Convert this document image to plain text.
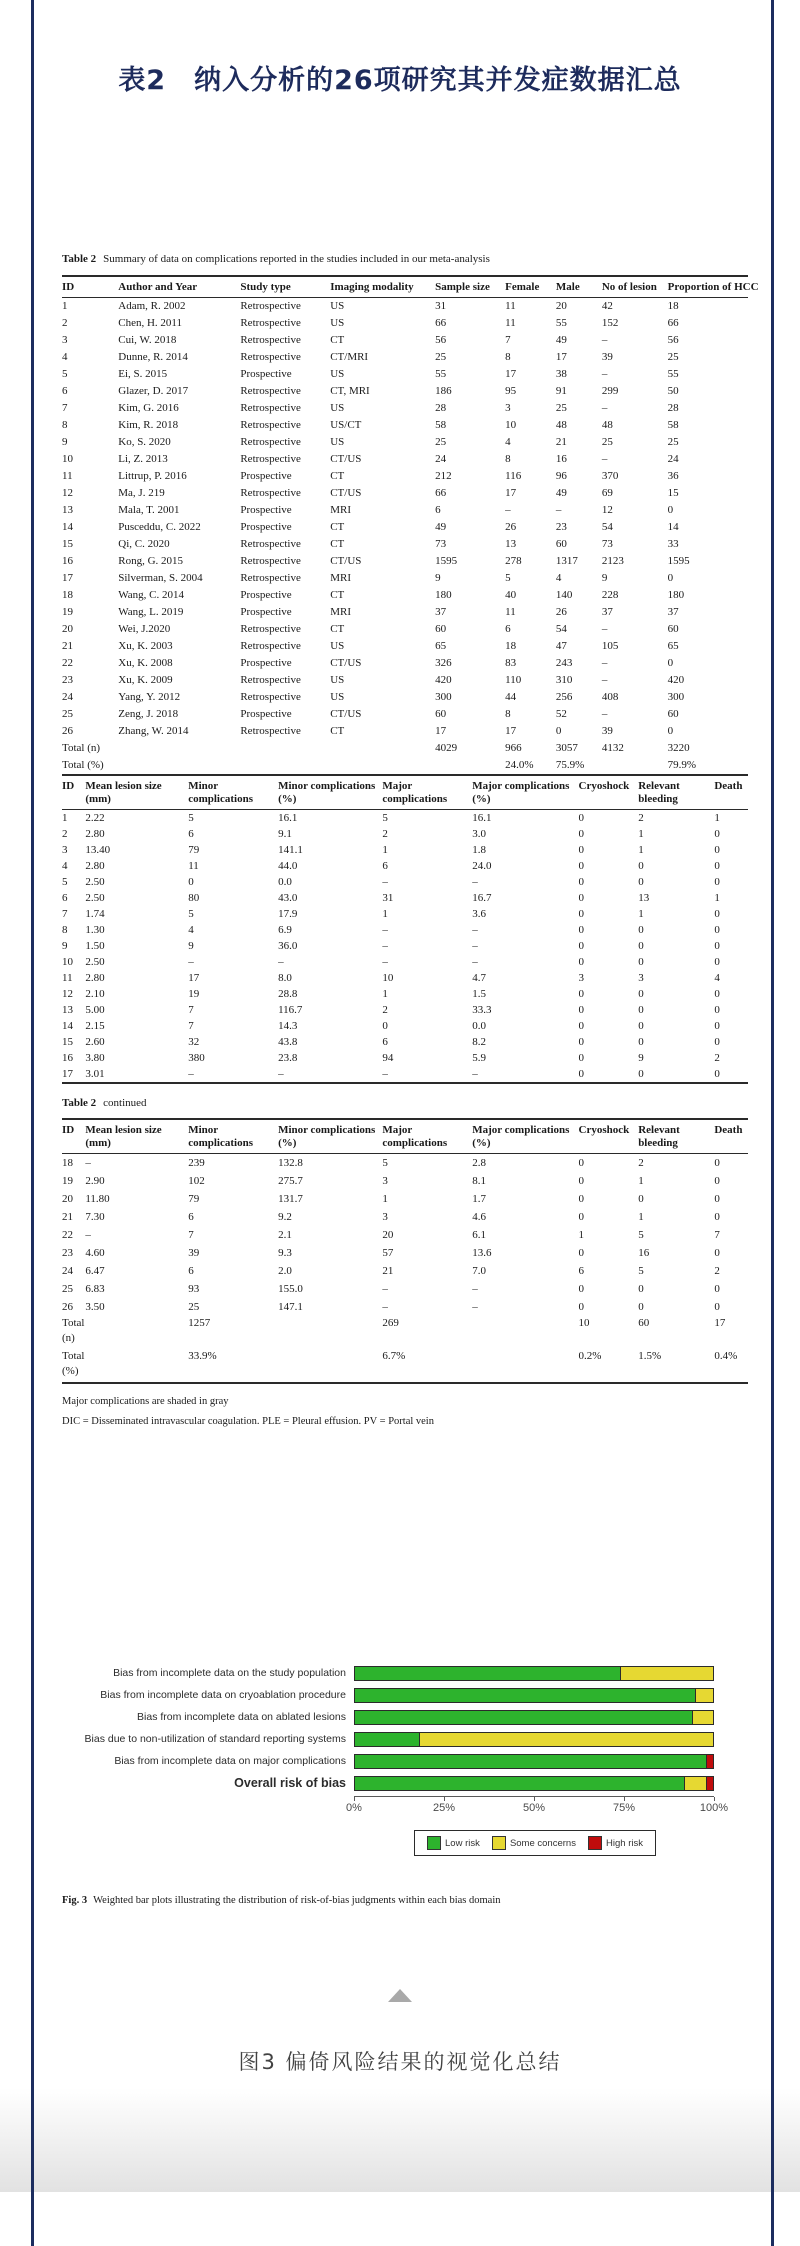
表2　纳入分析的26项研究其并发症数据汇总

Table 2 Summary of data on complications reported in the studies included in our meta-analysis

ID	Author and Year	Study type	Imaging modality	Sample size	Female	Male	No of lesion	Proportion of HCC
1	Adam, R. 2002	Retrospective	US	31	11	20	42	18
2	Chen, H. 2011	Retrospective	US	66	11	55	152	66
3	Cui, W. 2018	Retrospective	CT	56	7	49	–	56
4	Dunne, R. 2014	Retrospective	CT/MRI	25	8	17	39	25
5	Ei, S. 2015	Prospective	US	55	17	38	–	55
6	Glazer, D. 2017	Retrospective	CT, MRI	186	95	91	299	50
7	Kim, G. 2016	Retrospective	US	28	3	25	–	28
8	Kim, R. 2018	Retrospective	US/CT	58	10	48	48	58
9	Ko, S. 2020	Retrospective	US	25	4	21	25	25
10	Li, Z. 2013	Retrospective	CT/US	24	8	16	–	24
11	Littrup, P. 2016	Prospective	CT	212	116	96	370	36
12	Ma, J. 219	Retrospective	CT/US	66	17	49	69	15
13	Mala, T. 2001	Prospective	MRI	6	–	–	12	0
14	Pusceddu, C. 2022	Prospective	CT	49	26	23	54	14
15	Qi, C. 2020	Retrospective	CT	73	13	60	73	33
16	Rong, G. 2015	Retrospective	CT/US	1595	278	1317	2123	1595
17	Silverman, S. 2004	Retrospective	MRI	9	5	4	9	0
18	Wang, C. 2014	Prospective	CT	180	40	140	228	180
19	Wang, L. 2019	Prospective	MRI	37	11	26	37	37
20	Wei, J.2020	Retrospective	CT	60	6	54	–	60
21	Xu, K. 2003	Retrospective	US	65	18	47	105	65
22	Xu, K. 2008	Prospective	CT/US	326	83	243	–	0
23	Xu, K. 2009	Retrospective	US	420	110	310	–	420
24	Yang, Y. 2012	Retrospective	US	300	44	256	408	300
25	Zeng, J. 2018	Prospective	CT/US	60	8	52	–	60
26	Zhang, W. 2014	Retrospective	CT	17	17	0	39	0
Total (n)				4029	966	3057	4132	3220
Total (%)					24.0%	75.9%		79.9%
ID	Mean lesion size (mm)	Minor complications	Minor complications (%)	Major complications	Major complications (%)	Cryoshock	Relevant bleeding	Death
1	2.22	5	16.1	5	16.1	0	2	1
2	2.80	6	9.1	2	3.0	0	1	0
3	13.40	79	141.1	1	1.8	0	1	0
4	2.80	11	44.0	6	24.0	0	0	0
5	2.50	0	0.0	–	–	0	0	0
6	2.50	80	43.0	31	16.7	0	13	1
7	1.74	5	17.9	1	3.6	0	1	0
8	1.30	4	6.9	–	–	0	0	0
9	1.50	9	36.0	–	–	0	0	0
10	2.50	–	–	–	–	0	0	0
11	2.80	17	8.0	10	4.7	3	3	4
12	2.10	19	28.8	1	1.5	0	0	0
13	5.00	7	116.7	2	33.3	0	0	0
14	2.15	7	14.3	0	0.0	0	0	0
15	2.60	32	43.8	6	8.2	0	0	0
16	3.80	380	23.8	94	5.9	0	9	2
17	3.01	–	–	–	–	0	0	0

Table 2 continued

ID	Mean lesion size (mm)	Minor complications	Minor complications (%)	Major complications	Major complications (%)	Cryoshock	Relevant bleeding	Death
18	–	239	132.8	5	2.8	0	2	0
19	2.90	102	275.7	3	8.1	0	1	0
20	11.80	79	131.7	1	1.7	0	0	0
21	7.30	6	9.2	3	4.6	0	1	0
22	–	7	2.1	20	6.1	1	5	7
23	4.60	39	9.3	57	13.6	0	16	0
24	6.47	6	2.0	21	7.0	6	5	2
25	6.83	93	155.0	–	–	0	0	0
26	3.50	25	147.1	–	–	0	0	0
Total (n)		1257		269		10	60	17
Total (%)		33.9%		6.7%		0.2%	1.5%	0.4%

Major complications are shaded in gray

DIC = Disseminated intravascular coagulation. PLE = Pleural effusion. PV = Portal vein

Bias from incomplete data on the study population
Bias from incomplete data on cryoablation procedure
Bias from incomplete data on ablated lesions
Bias due to non-utilization of standard reporting systems
Bias from incomplete data on major complications
Overall risk of bias
0%	25%	50%	75%	100%
Low risk	Some concerns	High risk

Fig. 3 Weighted bar plots illustrating the distribution of risk-of-bias judgments within each bias domain

图3 偏倚风险结果的视觉化总结
